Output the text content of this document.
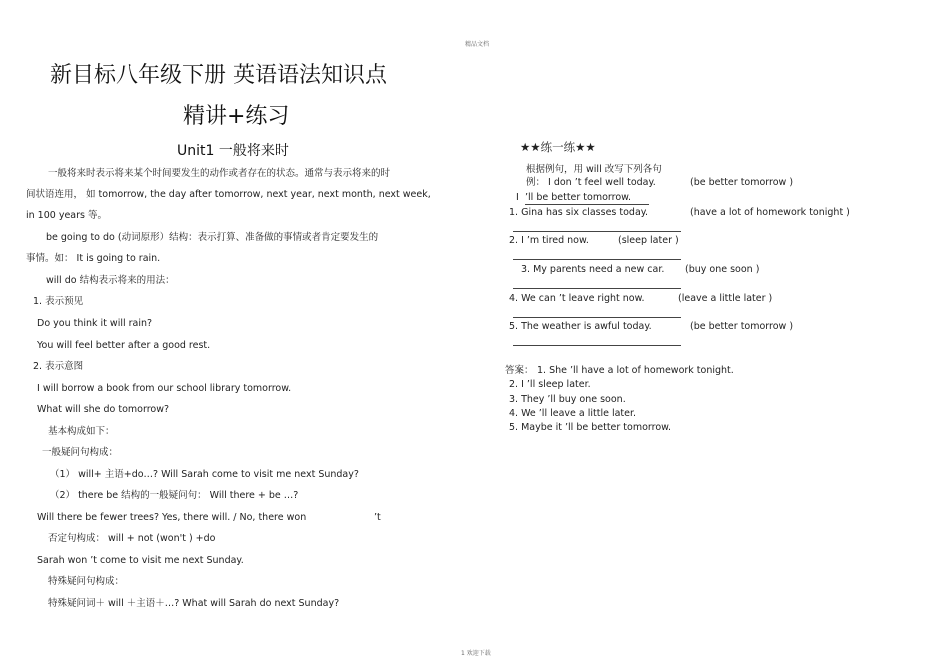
精品文档
新目标八年级下册 英语语法知识点
精讲+练习
Unit1 一般将来时
一般将来时表示将来某个时间要发生的动作或者存在的状态。通常与表示将来的时
间状语连用， 如 tomorrow, the day after tomorrow, next year, next month, next week,
in 100 years 等。
be going to do (动词原形）结构：表示打算、准备做的事情或者肯定要发生的
事情。如： It is going to rain.
will do 结构表示将来的用法：
1. 表示预见
Do you think it will rain?
You will feel better after a good rest.
2. 表示意图
I will borrow a book from our school library tomorrow.
What will she do tomorrow?
基本构成如下：
一般疑问句构成：
（1） will+ 主语+do…? Will Sarah come to visit me next Sunday?
（2） there be 结构的一般疑问句： Will there + be …?
Will there be fewer trees? Yes, there will. / No, there won	’t
否定句构成： will + not (won't ) +do
Sarah won ’t come to visit me next Sunday.
特殊疑问句构成：
特殊疑问词＋ will ＋主语＋…? What will Sarah do next Sunday?
★★练一练★★
根据例句，用 will 改写下列各句
例： I don ’t feel well today.	(be better tomorrow )
I ’ll be better tomorrow.
1. Gina has six classes today.	(have a lot of homework tonight )
2. I ’m tired now.	(sleep later )
3. My parents need a new car. (buy one soon )
4. We can ’t leave right now.	(leave a little later )
5. The weather is awful today.	(be better tomorrow )
答案： 1. She ’ll have a lot of homework tonight.
2. I ’ll sleep later.
3. They ’ll buy one soon.
4. We ’ll leave a little later.
5. Maybe it ’ll be better tomorrow.
1 欢迎下载
